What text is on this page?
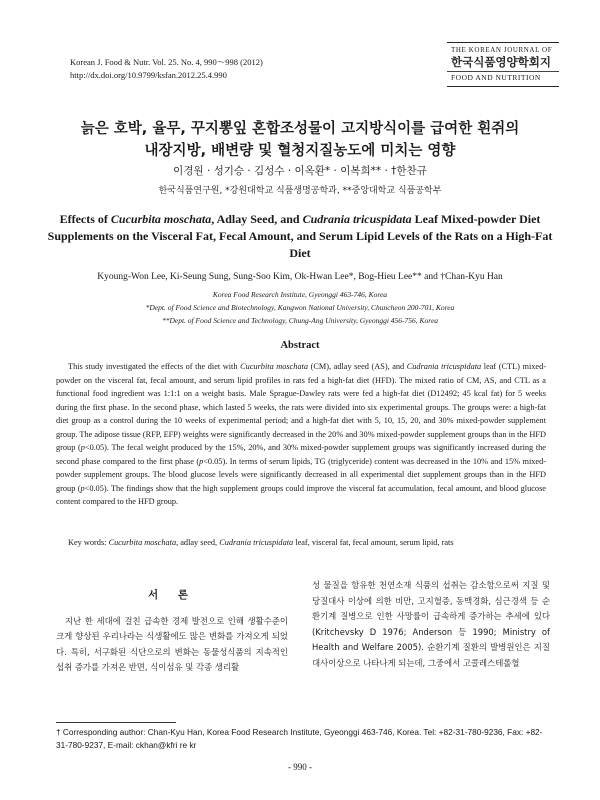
Korean J. Food & Nutr. Vol. 25. No. 4, 990～998 (2012)
http://dx.doi.org/10.9799/ksfan.2012.25.4.990
THE KOREAN JOURNAL OF
한국식품영양학회지
FOOD AND NUTRITION
늙은 호박, 율무, 꾸지뽕잎 혼합조성물이 고지방식이를 급여한 흰쥐의
내장지방, 배변량 및 혈청지질농도에 미치는 영향
이경원 · 성기승 · 김성수 · 이옥환* · 이복희** · †한찬규
한국식품연구원, *강원대학교 식품생명공학과, **중앙대학교 식품공학부
Effects of Cucurbita moschata, Adlay Seed, and Cudrania tricuspidata Leaf Mixed-powder Diet Supplements on the Visceral Fat, Fecal Amount, and Serum Lipid Levels of the Rats on a High-Fat Diet
Kyoung-Won Lee, Ki-Seung Sung, Sung-Soo Kim, Ok-Hwan Lee*, Bog-Hieu Lee** and †Chan-Kyu Han
Korea Food Research Institute, Gyeonggi 463-746, Korea
*Dept. of Food Science and Biotechnology, Kangwon National University, Chuncheon 200-701, Korea
**Dept. of Food Science and Technology, Chung-Ang University, Gyeonggi 456-756, Korea
Abstract
This study investigated the effects of the diet with Cucurbita moschata (CM), adlay seed (AS), and Cudrania tricuspidata leaf (CTL) mixed-powder on the visceral fat, fecal amount, and serum lipid profiles in rats fed a high-fat diet (HFD). The mixed ratio of CM, AS, and CTL as a functional food ingredient was 1:1:1 on a weight basis. Male Sprague-Dawley rats were fed a high-fat diet (D12492; 45 kcal fat) for 5 weeks during the first phase. In the second phase, which lasted 5 weeks, the rats were divided into six experimental groups. The groups were: a high-fat diet group as a control during the 10 weeks of experimental period; and a high-fat diet with 5, 10, 15, 20, and 30% mixed-powder supplement group. The adipose tissue (RFP, EFP) weights were significantly decreased in the 20% and 30% mixed-powder supplement groups than in the HFD group (p<0.05). The fecal weight produced by the 15%, 20%, and 30% mixed-powder supplement groups was significantly increased during the second phase compared to the first phase (p<0.05). In terms of serum lipids, TG (triglyceride) content was decreased in the 10% and 15% mixed-powder supplement groups. The blood glucose levels were significantly decreased in all experimental diet supplement groups than in the HFD group (p<0.05). The findings show that the high supplement groups could improve the visceral fat accumulation, fecal amount, and blood glucose content compared to the HFD group.
Key words: Cucurbita moschata, adlay seed, Cudrania tricuspidata leaf, visceral fat, fecal amount, serum lipid, rats
서 론
지난 한 세대에 걸친 급속한 경제 발전으로 인해 생활수준이 크게 향상된 우리나라는 식생활에도 많은 변화를 가져오게 되었다. 특히, 서구화된 식단으로의 변화는 동물성식품의 지속적인 섭취 증가를 가져온 반면, 식이섬유 및 각종 생리활
성 물질을 함유한 천연소재 식품의 섭취는 감소함으로써 지질 및 당질대사 이상에 의한 비만, 고지혈증, 동맥경화, 심근경색 등 순환기계 질병으로 인한 사망률이 급속하게 증가하는 추세에 있다(Kritchevsky D 1976; Anderson 등 1990; Ministry of Health and Welfare 2005). 순환기계 질환의 발병원인은 지질대사이상으로 나타나게 되는데, 그중에서 고콜레스테롤혈
† Corresponding author: Chan-Kyu Han, Korea Food Research Institute, Gyeonggi 463-746, Korea. Tel: +82-31-780-9236, Fax: +82-31-780-9237, E-mail: ckhan@kfri re kr
- 990 -
